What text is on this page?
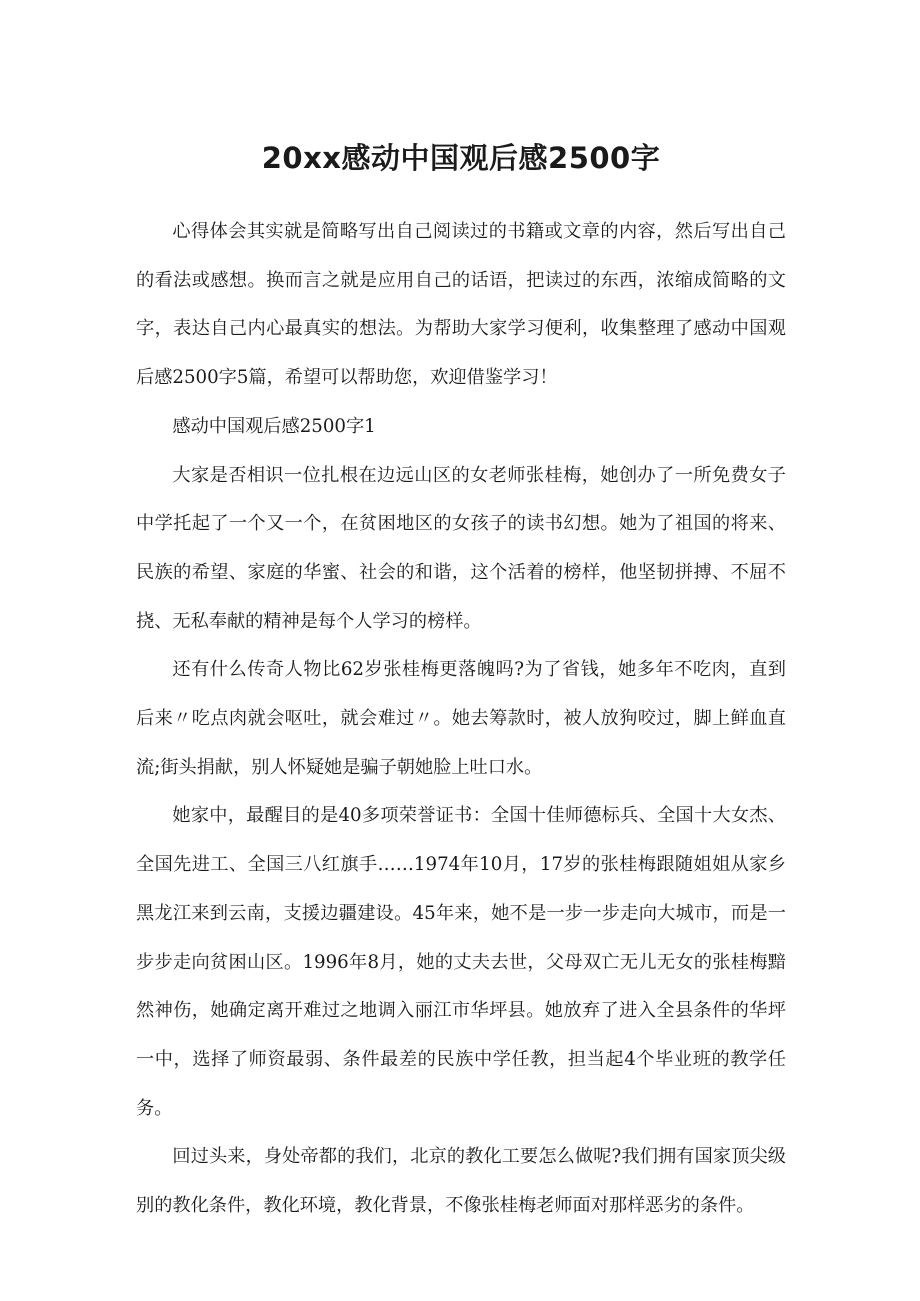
20xx感动中国观后感2500字

心得体会其实就是简略写出自己阅读过的书籍或文章的内容，然后写出自己的看法或感想。换而言之就是应用自己的话语，把读过的东西，浓缩成简略的文字，表达自己内心最真实的想法。为帮助大家学习便利，收集整理了感动中国观后感2500字5篇，希望可以帮助您，欢迎借鉴学习！

感动中国观后感2500字1

大家是否相识一位扎根在边远山区的女老师张桂梅，她创办了一所免费女子中学托起了一个又一个，在贫困地区的女孩子的读书幻想。她为了祖国的将来、民族的希望、家庭的华蜜、社会的和谐，这个活着的榜样，他坚韧拼搏、不屈不挠、无私奉献的精神是每个人学习的榜样。

还有什么传奇人物比62岁张桂梅更落魄吗?为了省钱，她多年不吃肉，直到后来〃吃点肉就会呕吐，就会难过〃。她去筹款时，被人放狗咬过，脚上鲜血直流;街头捐献，别人怀疑她是骗子朝她脸上吐口水。

她家中，最醒目的是40多项荣誉证书：全国十佳师德标兵、全国十大女杰、全国先进工、全国三八红旗手……1974年10月，17岁的张桂梅跟随姐姐从家乡黑龙江来到云南，支援边疆建设。45年来，她不是一步一步走向大城市，而是一步步走向贫困山区。1996年8月，她的丈夫去世，父母双亡无儿无女的张桂梅黯然神伤，她确定离开难过之地调入丽江市华坪县。她放弃了进入全县条件的华坪一中，选择了师资最弱、条件最差的民族中学任教，担当起4个毕业班的教学任务。

回过头来，身处帝都的我们，北京的教化工要怎么做呢?我们拥有国家顶尖级别的教化条件，教化环境，教化背景，不像张桂梅老师面对那样恶劣的条件。
